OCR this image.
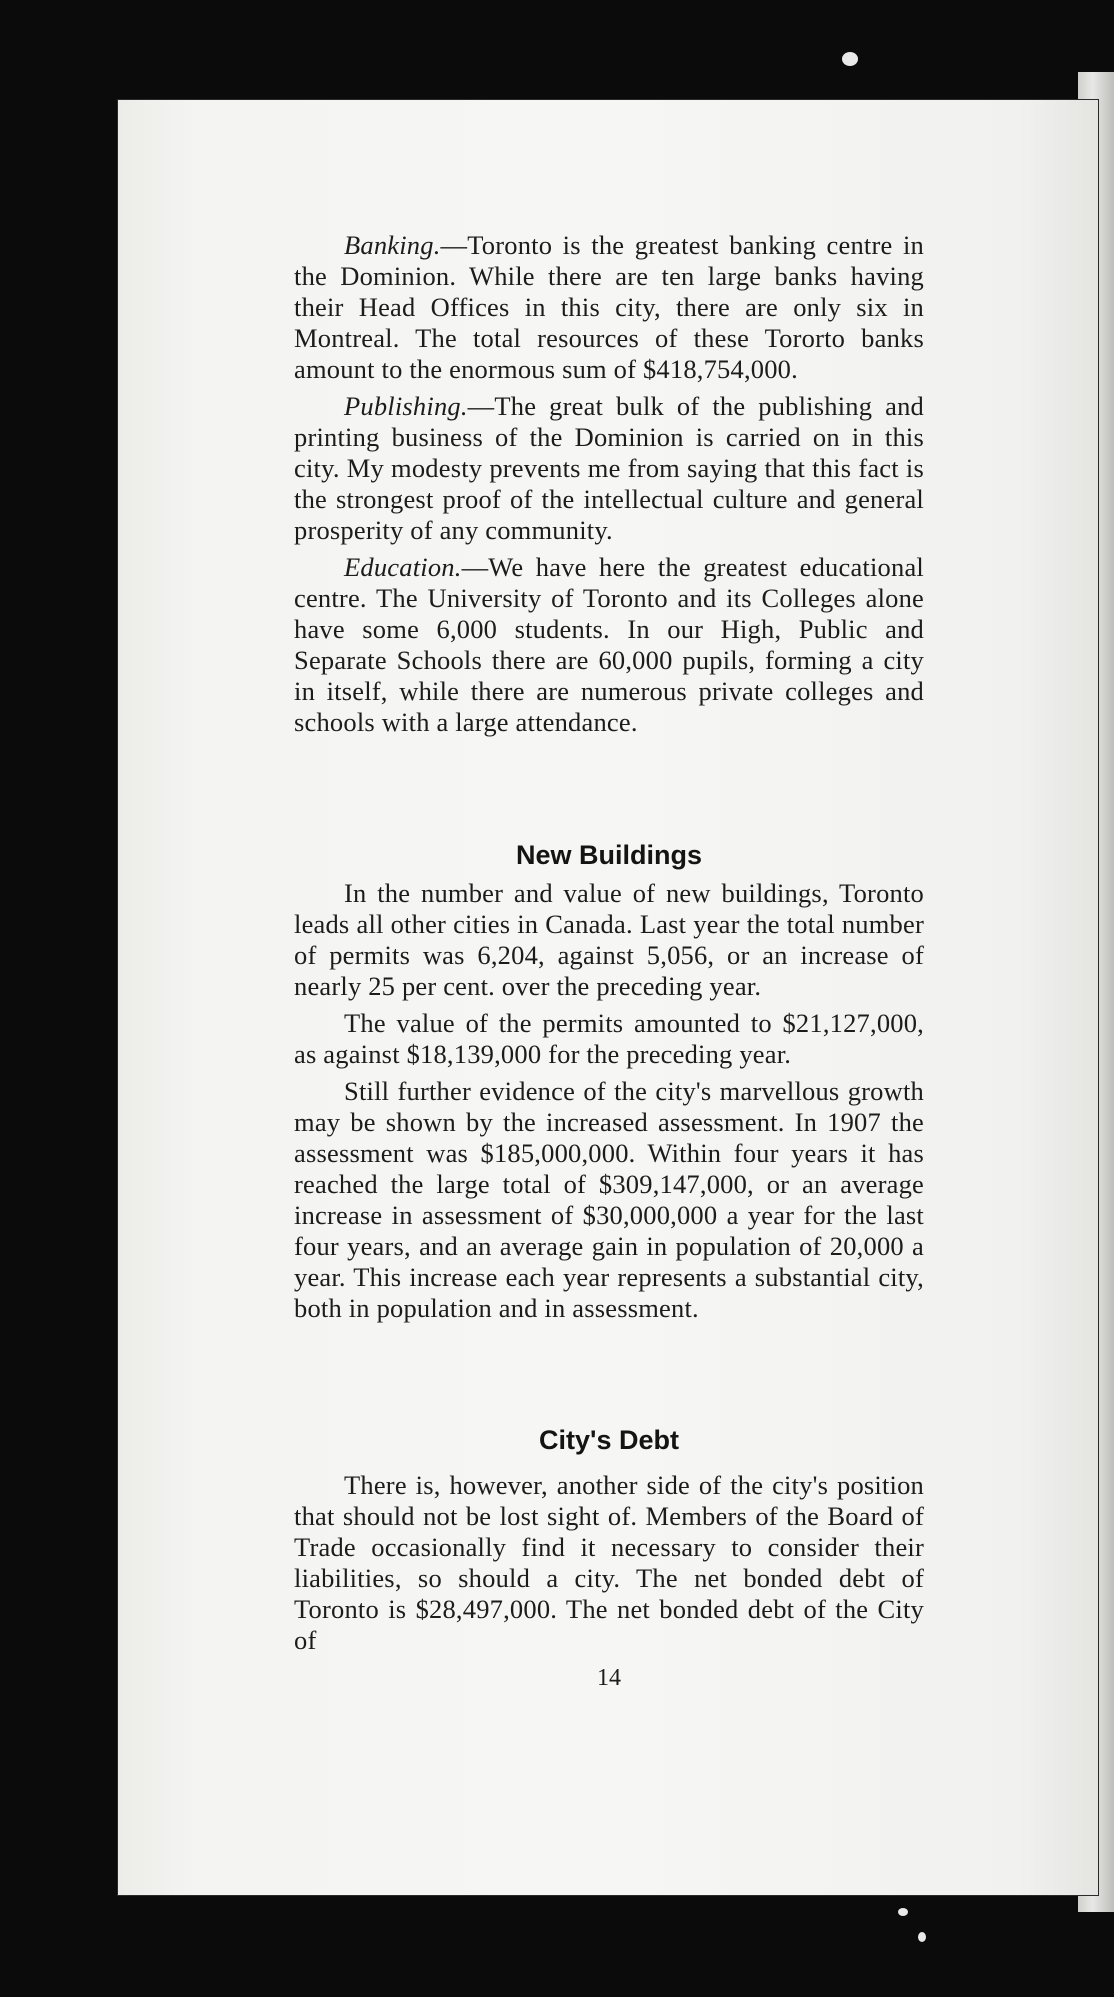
Banking.—Toronto is the greatest banking centre in the Dominion. While there are ten large banks having their Head Offices in this city, there are only six in Montreal. The total resources of these Tororto banks amount to the enormous sum of $418,754,000.

Publishing.—The great bulk of the publishing and printing business of the Dominion is carried on in this city. My modesty prevents me from saying that this fact is the strongest proof of the intellectual culture and general prosperity of any community.

Education.—We have here the greatest educational centre. The University of Toronto and its Colleges alone have some 6,000 students. In our High, Public and Separate Schools there are 60,000 pupils, forming a city in itself, while there are numerous private colleges and schools with a large attendance.

New Buildings

In the number and value of new buildings, Toronto leads all other cities in Canada. Last year the total number of permits was 6,204, against 5,056, or an increase of nearly 25 per cent. over the preceding year.

The value of the permits amounted to $21,127,000, as against $18,139,000 for the preceding year.

Still further evidence of the city's marvellous growth may be shown by the increased assessment. In 1907 the assessment was $185,000,000. Within four years it has reached the large total of $309,147,000, or an average increase in assessment of $30,000,000 a year for the last four years, and an average gain in population of 20,000 a year. This increase each year represents a substantial city, both in population and in assessment.

City's Debt

There is, however, another side of the city's position that should not be lost sight of. Members of the Board of Trade occasionally find it necessary to consider their liabilities, so should a city. The net bonded debt of Toronto is $28,497,000. The net bonded debt of the City of

14
